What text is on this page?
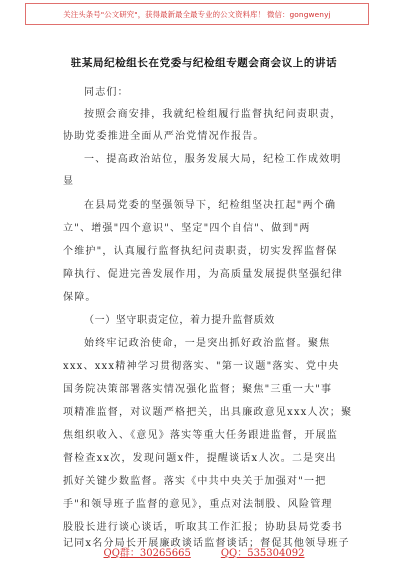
关注头条号"公文研究"，获得最新最全最专业的公文资料库！ 微信：gongwenyj
驻某局纪检组长在党委与纪检组专题会商会议上的讲话
同志们：
按照会商安排，我就纪检组履行监督执纪问责职责，
协助党委推进全面从严治党情况作报告。
一、提高政治站位，服务发展大局，纪检工作成效明
显
在县局党委的坚强领导下，纪检组坚决扛起"两个确
立"、增强"四个意识"、坚定"四个自信"、做到"两
个维护"，认真履行监督执纪问责职责，切实发挥监督保
障执行、促进完善发展作用，为高质量发展提供坚强纪律
保障。
（一）坚守职责定位，着力提升监督质效
始终牢记政治使命，一是突出抓好政治监督。聚焦
xxx、xxx精神学习贯彻落实、"第一议题"落实、党中央
国务院决策部署落实情况强化监督；聚焦"三重一大"事
项精准监督，对议题严格把关，出具廉政意见xxx人次；聚
焦组织收入、《意见》落实等重大任务跟进监督，开展监
督检查xx次，发现问题x件，提醒谈话x人次。二是突出
抓好关键少数监督。落实《中共中央关于加强对"一把
手"和领导班子监督的意见》，重点对法制股、风险管理
股股长进行谈心谈话，听取其工作汇报；协助县局党委书
记同x名分局长开展廉政谈话监督谈话；督促其他领导班子
QQ群：30265665	QQ：535304092
